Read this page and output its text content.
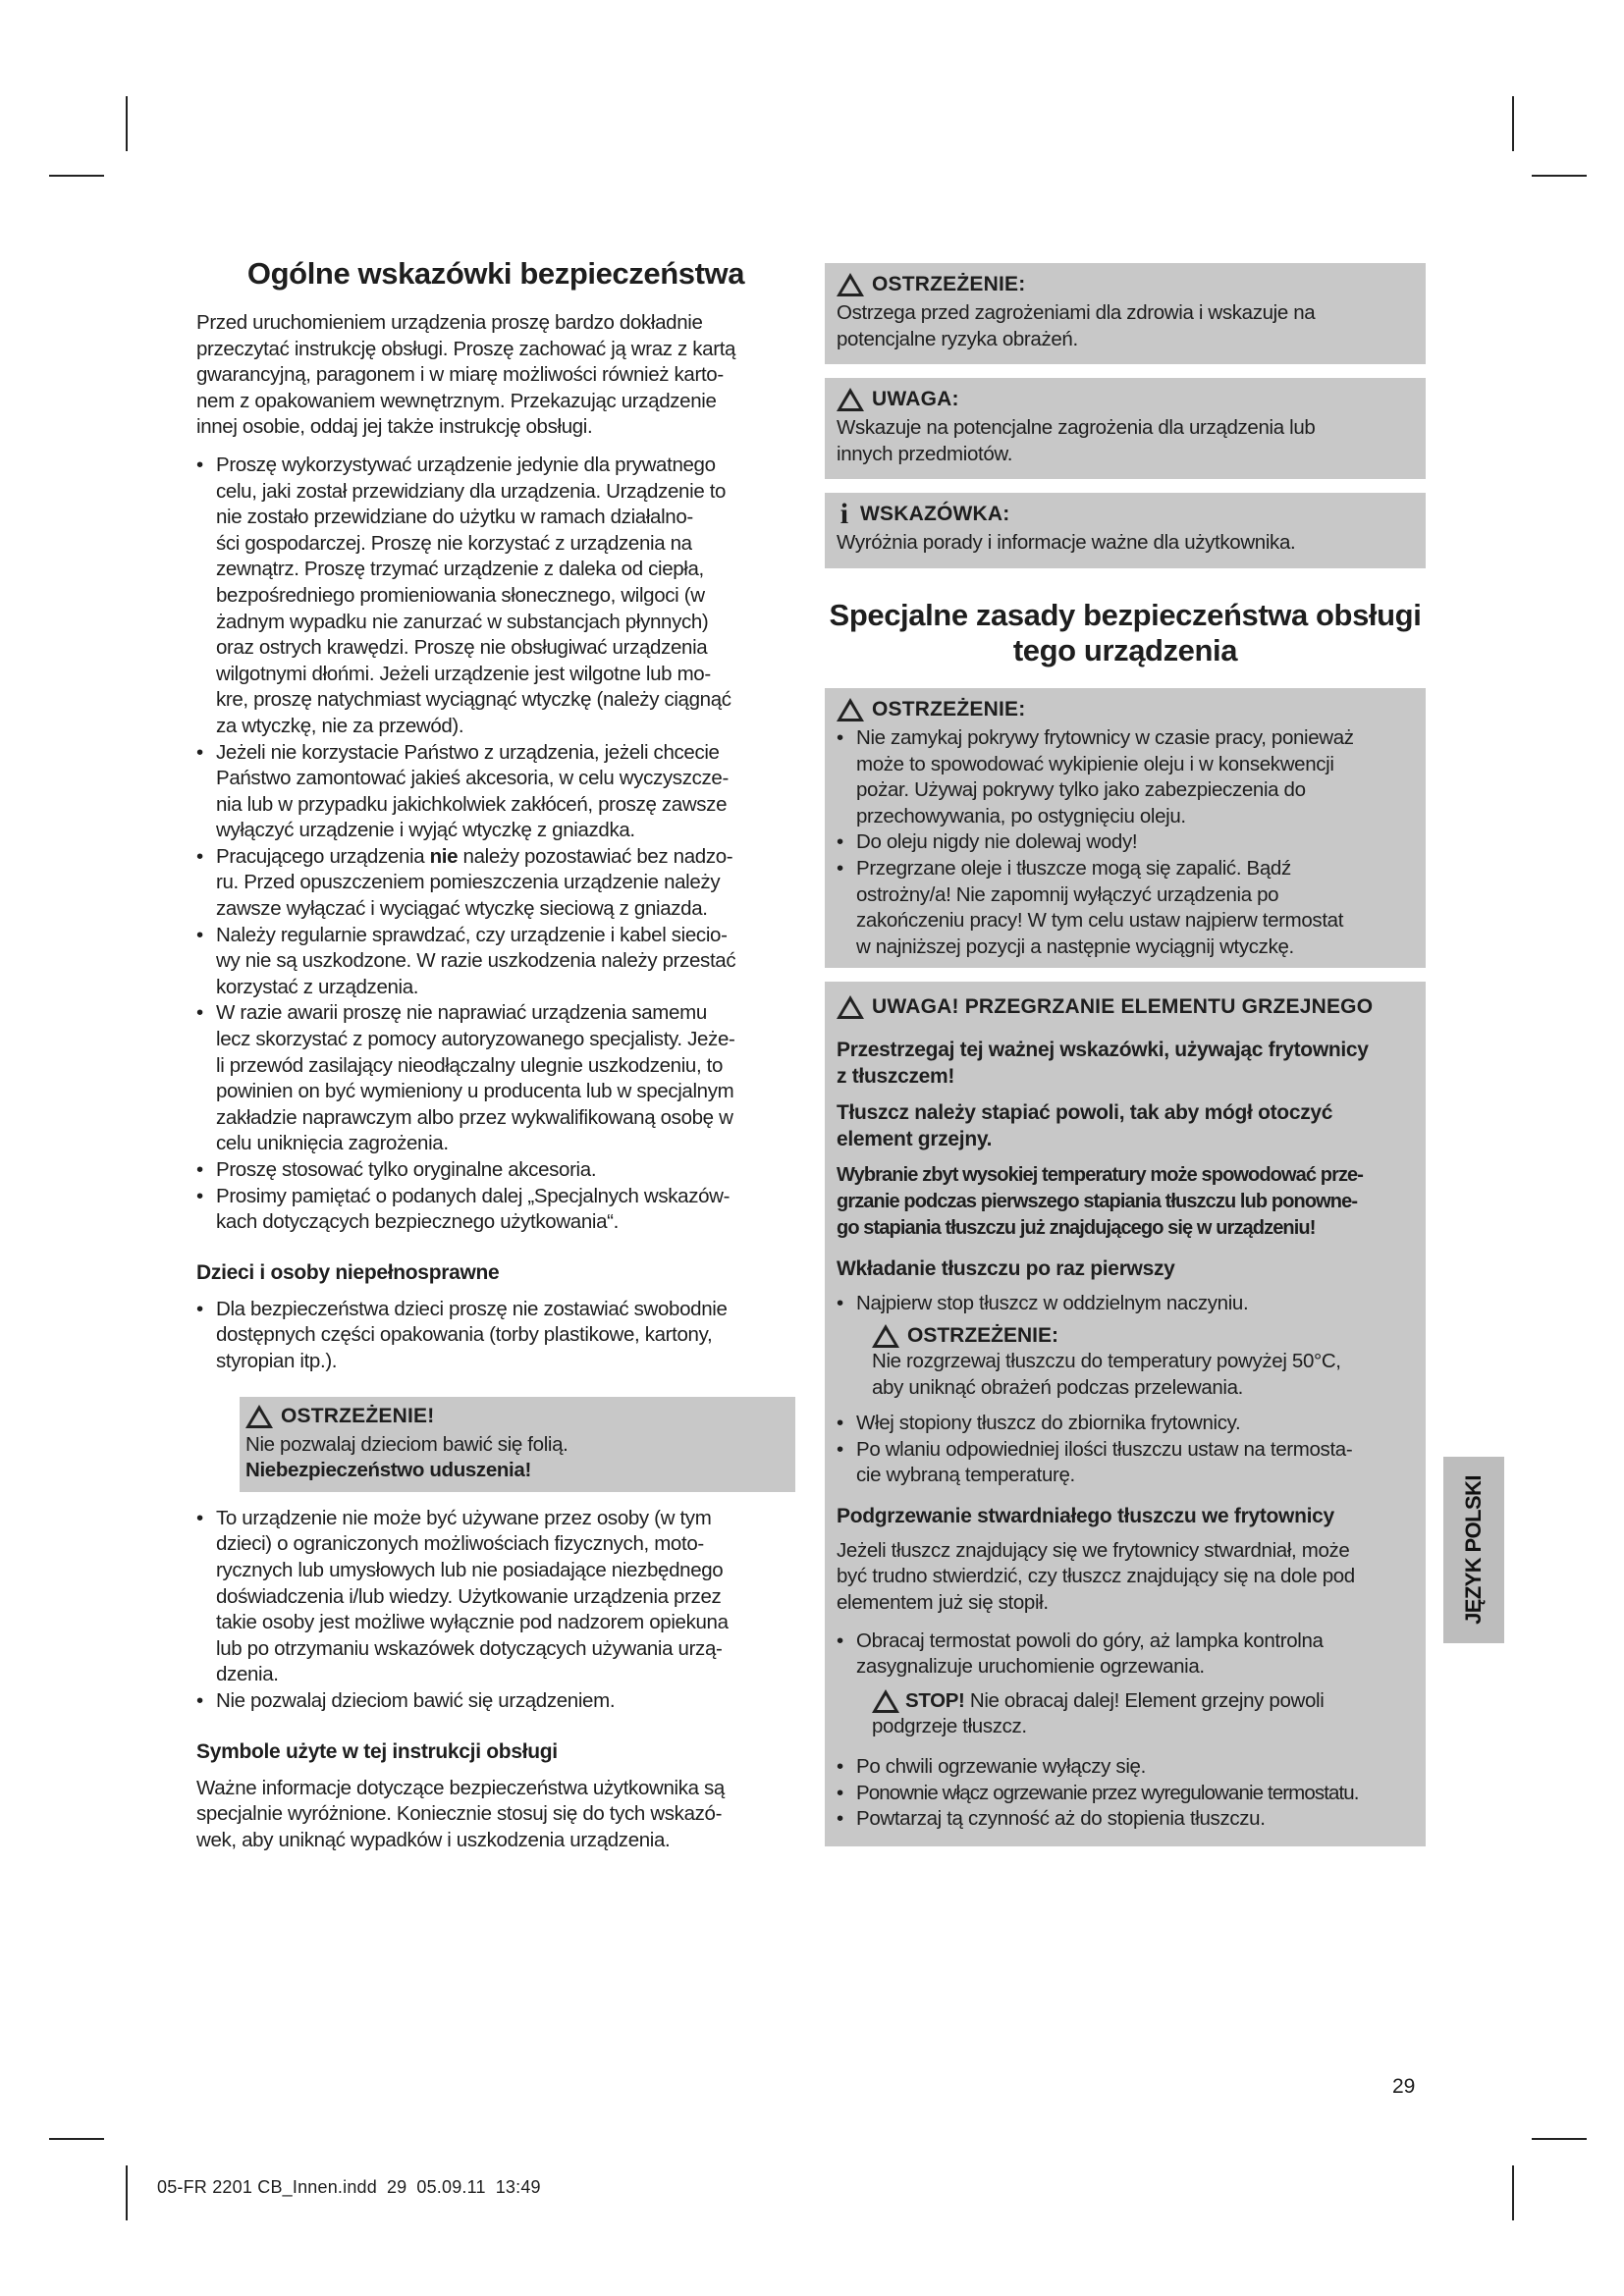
Ogólne wskazówki bezpieczeństwa

Przed uruchomieniem urządzenia proszę bardzo dokładnie
przeczytać instrukcję obsługi. Proszę zachować ją wraz z kartą
gwarancyjną, paragonem i w miarę możliwości również karto-
nem z opakowaniem wewnętrznym. Przekazując urządzenie
innej osobie, oddaj jej także instrukcję obsługi.

• Proszę wykorzystywać urządzenie jedynie dla prywatnego
celu, jaki został przewidziany dla urządzenia. Urządzenie to
nie zostało przewidziane do użytku w ramach działalno-
ści gospodarczej. Proszę nie korzystać z urządzenia na
zewnątrz. Proszę trzymać urządzenie z daleka od ciepła,
bezpośredniego promieniowania słonecznego, wilgoci (w
żadnym wypadku nie zanurzać w substancjach płynnych)
oraz ostrych krawędzi. Proszę nie obsługiwać urządzenia
wilgotnymi dłońmi. Jeżeli urządzenie jest wilgotne lub mo-
kre, proszę natychmiast wyciągnąć wtyczkę (należy ciągnąć
za wtyczkę, nie za przewód).
• Jeżeli nie korzystacie Państwo z urządzenia, jeżeli chcecie
Państwo zamontować jakieś akcesoria, w celu wyczyszcze-
nia lub w przypadku jakichkolwiek zakłóceń, proszę zawsze
wyłączyć urządzenie i wyjąć wtyczkę z gniazdka.
• Pracującego urządzenia nie należy pozostawiać bez nadzo-
ru. Przed opuszczeniem pomieszczenia urządzenie należy
zawsze wyłączać i wyciągać wtyczkę sieciową z gniazda.
• Należy regularnie sprawdzać, czy urządzenie i kabel siecio-
wy nie są uszkodzone. W razie uszkodzenia należy przestać
korzystać z urządzenia.
• W razie awarii proszę nie naprawiać urządzenia samemu
lecz skorzystać z pomocy autoryzowanego specjalisty. Jeże-
li przewód zasilający nieodłączalny ulegnie uszkodzeniu, to
powinien on być wymieniony u producenta lub w specjalnym
zakładzie naprawczym albo przez wykwalifikowaną osobę w
celu uniknięcia zagrożenia.
• Proszę stosować tylko oryginalne akcesoria.
• Prosimy pamiętać o podanych dalej „Specjalnych wskazów-
kach dotyczących bezpiecznego użytkowania“.
Dzieci i osoby niepełnosprawne
• Dla bezpieczeństwa dzieci proszę nie zostawiać swobodnie
dostępnych części opakowania (torby plastikowe, kartony,
styropian itp.).
OSTRZEŻENIE!
Nie pozwalaj dzieciom bawić się folią.
Niebezpieczeństwo uduszenia!
• To urządzenie nie może być używane przez osoby (w tym
dzieci) o ograniczonych możliwościach fizycznych, moto-
rycznych lub umysłowych lub nie posiadające niezbędnego
doświadczenia i/lub wiedzy. Użytkowanie urządzenia przez
takie osoby jest możliwe wyłącznie pod nadzorem opiekuna
lub po otrzymaniu wskazówek dotyczących używania urzą-
dzenia.
• Nie pozwalaj dzieciom bawić się urządzeniem.
Symbole użyte w tej instrukcji obsługi

Ważne informacje dotyczące bezpieczeństwa użytkownika są
specjalnie wyróżnione. Koniecznie stosuj się do tych wskazó-
wek, aby uniknąć wypadków i uszkodzenia urządzenia.

OSTRZEŻENIE:
Ostrzega przed zagrożeniami dla zdrowia i wskazuje na
potencjalne ryzyka obrażeń.
UWAGA:
Wskazuje na potencjalne zagrożenia dla urządzenia lub
innych przedmiotów.
i WSKAZÓWKA:
Wyróżnia porady i informacje ważne dla użytkownika.
Specjalne zasady bezpieczeństwa obsługi
tego urządzenia
OSTRZEŻENIE:
• Nie zamykaj pokrywy frytownicy w czasie pracy, ponieważ
może to spowodować wykipienie oleju i w konsekwencji
pożar. Używaj pokrywy tylko jako zabezpieczenia do
przechowywania, po ostygnięciu oleju.
• Do oleju nigdy nie dolewaj wody!
• Przegrzane oleje i tłuszcze mogą się zapalić. Bądź
ostrożny/a! Nie zapomnij wyłączyć urządzenia po
zakończeniu pracy! W tym celu ustaw najpierw termostat
w najniższej pozycji a następnie wyciągnij wtyczkę.
UWAGA! PRZEGRZANIE ELEMENTU GRZEJNEGO

Przestrzegaj tej ważnej wskazówki, używając frytownicy
z tłuszczem!

Tłuszcz należy stapiać powoli, tak aby mógł otoczyć
element grzejny.

Wybranie zbyt wysokiej temperatury może spowodować prze-
grzanie podczas pierwszego stapiania tłuszczu lub ponowne-
go stapiania tłuszczu już znajdującego się w urządzeniu!

Wkładanie tłuszczu po raz pierwszy
• Najpierw stop tłuszcz w oddzielnym naczyniu.
OSTRZEŻENIE:
Nie rozgrzewaj tłuszczu do temperatury powyżej 50°C,
aby uniknąć obrażeń podczas przelewania.
• Włej stopiony tłuszcz do zbiornika frytownicy.
• Po wlaniu odpowiedniej ilości tłuszczu ustaw na termosta-
cie wybraną temperaturę.
Podgrzewanie stwardniałego tłuszczu we frytownicy

Jeżeli tłuszcz znajdujący się we frytownicy stwardniał, może
być trudno stwierdzić, czy tłuszcz znajdujący się na dole pod
elementem już się stopił.

• Obracaj termostat powoli do góry, aż lampka kontrolna
zasygnalizuje uruchomienie ogrzewania.
STOP! Nie obracaj dalej! Element grzejny powoli
podgrzeje tłuszcz.
• Po chwili ogrzewanie wyłączy się.
• Ponownie włącz ogrzewanie przez wyregulowanie termostatu.
• Powtarzaj tą czynność aż do stopienia tłuszczu.
JĘZYK POLSKI
29
05-FR 2201 CB_Innen.indd 29 05.09.11 13:49
